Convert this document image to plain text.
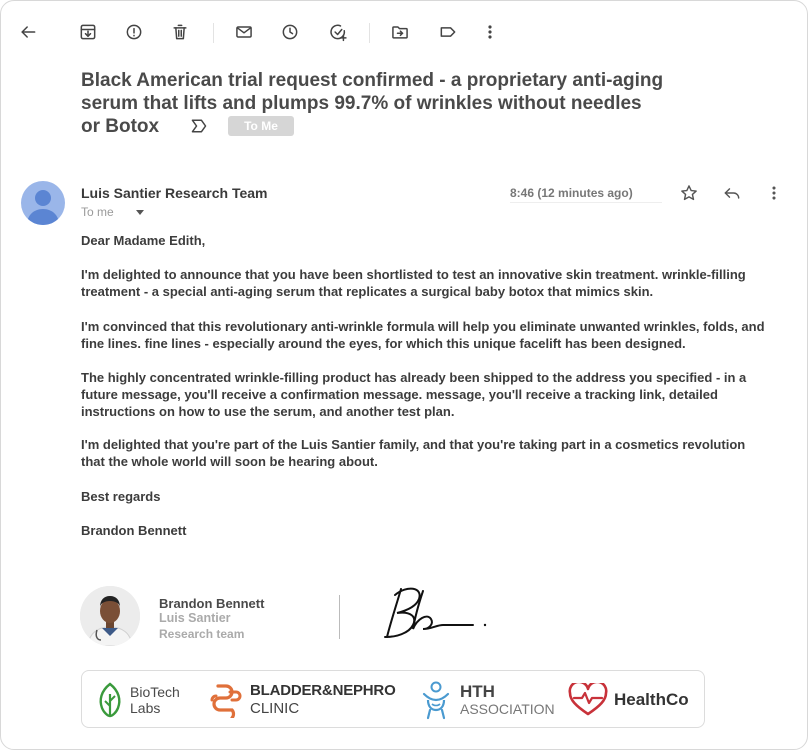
Black American trial request confirmed - a proprietary anti-aging
serum that lifts and plumps 99.7% of wrinkles without needles
or Botox	To Me
Luis Santier Research Team
To me
8:46 (12 minutes ago)
Dear Madame Edith,
I'm delighted to announce that you have been shortlisted to test an innovative skin treatment. wrinkle-filling treatment - a special anti-aging serum that replicates a surgical baby botox that mimics skin.
I'm convinced that this revolutionary anti-wrinkle formula will help you eliminate unwanted wrinkles, folds, and fine lines. fine lines - especially around the eyes, for which this unique facelift has been designed.
The highly concentrated wrinkle-filling product has already been shipped to the address you specified - in a future message, you'll receive a confirmation message. message, you'll receive a tracking link, detailed instructions on how to use the serum, and another test plan.
I'm delighted that you're part of the Luis Santier family, and that you're taking part in a cosmetics revolution that the whole world will soon be hearing about.
Best regards
Brandon Bennett
Brandon Bennett
Luis Santier
Research team
BioTech
Labs
BLADDER&NEPHRO
CLINIC
HTH
ASSOCIATION	HealthCo
